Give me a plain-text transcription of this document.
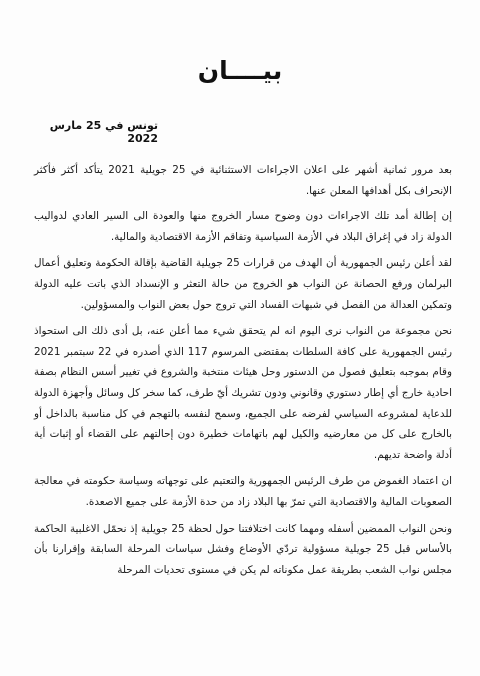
بيــــان
تونس في 25 مارس 2022

بعد مرور ثمانية أشهر على اعلان الاجراءات الاستثنائية في 25 جويلية 2021 يتأكد أكثر فأكثر الإنحراف بكل أهدافها المعلن عنها.

إن إطالة أمد تلك الاجراءات دون وضوح مسار الخروج منها والعودة الى السير العادي لدواليب الدولة زاد في إغراق البلاد في الأزمة السياسية وتفاقم الأزمة الاقتصادية والمالية.

لقد أعلن رئيس الجمهورية أن الهدف من قرارات 25 جويلية القاضية بإقالة الحكومة وتعليق أعمال البرلمان ورفع الحصانة عن النواب هو الخروج من حالة التعثر و الإنسداد الذي باتت عليه الدولة وتمكين العدالة من الفصل في شبهات الفساد التي تروج حول بعض النواب والمسؤولين.

نحن مجموعة من النواب نرى اليوم انه لم يتحقق شيء مما أعلن عنه، بل أدى ذلك الى استحواذ رئيس الجمهورية على كافة السلطات بمقتضى المرسوم 117 الذي أصدره في 22 سبتمبر 2021 وقام بموجبه بتعليق فصول من الدستور وحل هيئات منتخبة والشروع في تغيير أسس النظام بصفة احادية خارج أي إطار دستوري وقانوني ودون تشريك أيّ طرف، كما سخر كل وسائل وأجهزة الدولة للدعاية لمشروعه السياسي لفرضه على الجميع، وسمح لنفسه بالتهجم في كل مناسبة بالداخل أو بالخارج على كل من معارضيه والكيل لهم باتهامات خطيرة دون إحالتهم على القضاء أو إثبات أية أدلة واضحة تديهم.

ان اعتماد الغموض من طرف الرئيس الجمهورية والتعتيم على توجهاته وسياسة حكومته في معالجة الصعوبات المالية والاقتصادية التي تمرّ بها البلاد زاد من حدة الأزمة على جميع الاصعدة.

ونحن النواب الممضين أسفله ومهما كانت اختلافتنا حول لحظة 25 جويلية إذ نحمّل الاغلبية الحاكمة بالأساس قبل 25 جويلية مسؤولية تردّي الأوضاع وفشل سياسات المرحلة السابقة وإقرارنا بأن مجلس نواب الشعب بطريقة عمل مكوناته لم يكن في مستوى تحديات المرحلة
